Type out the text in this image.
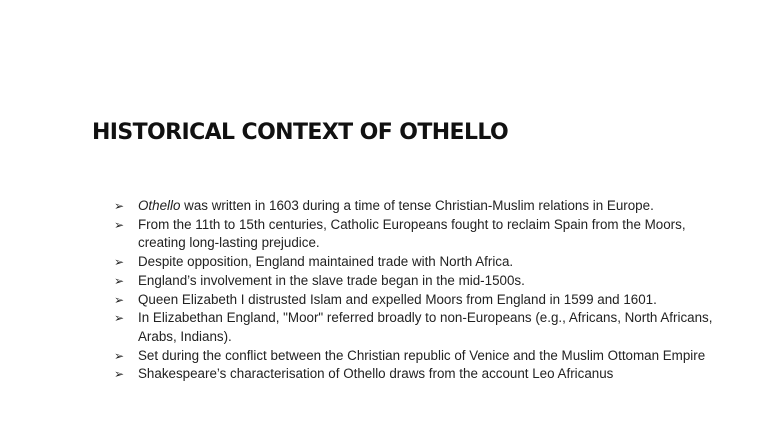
HISTORICAL CONTEXT OF OTHELLO
➢	Othello was written in 1603 during a time of tense Christian-Muslim relations in Europe.
➢	From the 11th to 15th centuries, Catholic Europeans fought to reclaim Spain from the Moors, creating long-lasting prejudice.
➢	Despite opposition, England maintained trade with North Africa.
➢	England’s involvement in the slave trade began in the mid-1500s.
➢	Queen Elizabeth I distrusted Islam and expelled Moors from England in 1599 and 1601.
➢	In Elizabethan England, "Moor" referred broadly to non-Europeans (e.g., Africans, North Africans, Arabs, Indians).
➢	Set during the conflict between the Christian republic of Venice and the Muslim Ottoman Empire
➢	Shakespeare’s characterisation of Othello draws from the account Leo Africanus
